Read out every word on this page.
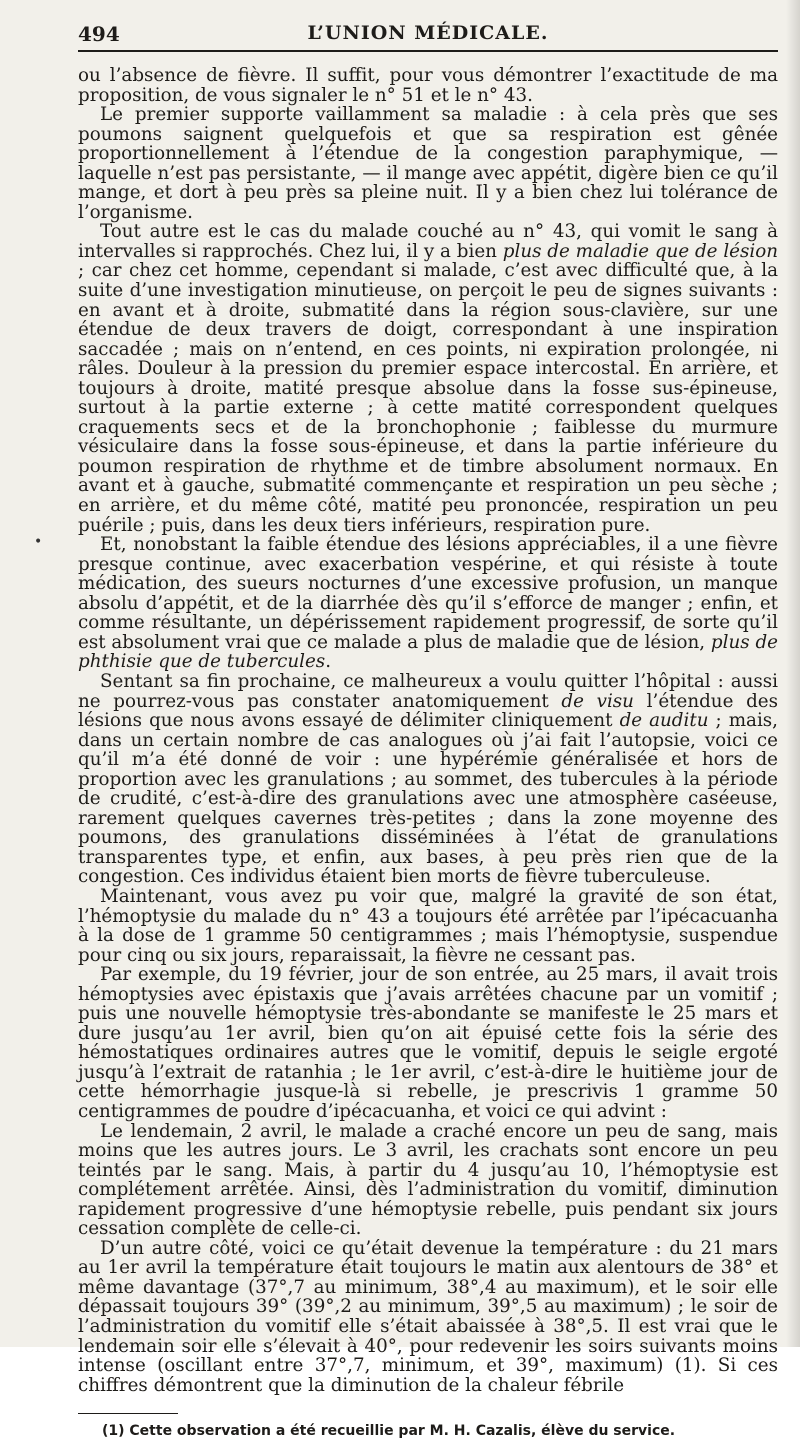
494	L’UNION MÉDICALE.

ou l’absence de fièvre. Il suffit, pour vous démontrer l’exactitude de ma proposition, de vous signaler le n° 51 et le n° 43.

Le premier supporte vaillamment sa maladie : à cela près que ses poumons saignent quelquefois et que sa respiration est gênée proportionnellement à l’étendue de la congestion paraphymique, — laquelle n’est pas persistante, — il mange avec appétit, digère bien ce qu’il mange, et dort à peu près sa pleine nuit. Il y a bien chez lui tolérance de l’organisme.

Tout autre est le cas du malade couché au n° 43, qui vomit le sang à intervalles si rapprochés. Chez lui, il y a bien plus de maladie que de lésion ; car chez cet homme, cependant si malade, c’est avec difficulté que, à la suite d’une investigation minutieuse, on perçoit le peu de signes suivants : en avant et à droite, submatité dans la région sous-clavière, sur une étendue de deux travers de doigt, correspondant à une inspiration saccadée ; mais on n’entend, en ces points, ni expiration prolongée, ni râles. Douleur à la pression du premier espace intercostal. En arrière, et toujours à droite, matité presque absolue dans la fosse sus-épineuse, surtout à la partie externe ; à cette matité correspondent quelques craquements secs et de la bronchophonie ; faiblesse du murmure vésiculaire dans la fosse sous-épineuse, et dans la partie inférieure du poumon respiration de rhythme et de timbre absolument normaux. En avant et à gauche, submatité commençante et respiration un peu sèche ; en arrière, et du même côté, matité peu prononcée, respiration un peu puérile ; puis, dans les deux tiers inférieurs, respiration pure.

Et, nonobstant la faible étendue des lésions appréciables, il a une fièvre presque continue, avec exacerbation vespérine, et qui résiste à toute médication, des sueurs nocturnes d’une excessive profusion, un manque absolu d’appétit, et de la diarrhée dès qu’il s’efforce de manger ; enfin, et comme résultante, un dépérissement rapidement progressif, de sorte qu’il est absolument vrai que ce malade a plus de maladie que de lésion, plus de phthisie que de tubercules.

Sentant sa fin prochaine, ce malheureux a voulu quitter l’hôpital : aussi ne pourrez-vous pas constater anatomiquement de visu l’étendue des lésions que nous avons essayé de délimiter cliniquement de auditu ; mais, dans un certain nombre de cas analogues où j’ai fait l’autopsie, voici ce qu’il m’a été donné de voir : une hypérémie généralisée et hors de proportion avec les granulations ; au sommet, des tubercules à la période de crudité, c’est-à-dire des granulations avec une atmosphère caséeuse, rarement quelques cavernes très-petites ; dans la zone moyenne des poumons, des granulations disséminées à l’état de granulations transparentes type, et enfin, aux bases, à peu près rien que de la congestion. Ces individus étaient bien morts de fièvre tuberculeuse.

Maintenant, vous avez pu voir que, malgré la gravité de son état, l’hémoptysie du malade du n° 43 a toujours été arrêtée par l’ipécacuanha à la dose de 1 gramme 50 centigrammes ; mais l’hémoptysie, suspendue pour cinq ou six jours, reparaissait, la fièvre ne cessant pas.

Par exemple, du 19 février, jour de son entrée, au 25 mars, il avait trois hémoptysies avec épistaxis que j’avais arrêtées chacune par un vomitif ; puis une nouvelle hémoptysie très-abondante se manifeste le 25 mars et dure jusqu’au 1er avril, bien qu’on ait épuisé cette fois la série des hémostatiques ordinaires autres que le vomitif, depuis le seigle ergoté jusqu’à l’extrait de ratanhia ; le 1er avril, c’est-à-dire le huitième jour de cette hémorrhagie jusque-là si rebelle, je prescrivis 1 gramme 50 centigrammes de poudre d’ipécacuanha, et voici ce qui advint :

Le lendemain, 2 avril, le malade a craché encore un peu de sang, mais moins que les autres jours. Le 3 avril, les crachats sont encore un peu teintés par le sang. Mais, à partir du 4 jusqu’au 10, l’hémoptysie est complétement arrêtée. Ainsi, dès l’administration du vomitif, diminution rapidement progressive d’une hémoptysie rebelle, puis pendant six jours cessation complète de celle-ci.

D’un autre côté, voici ce qu’était devenue la température : du 21 mars au 1er avril la température était toujours le matin aux alentours de 38° et même davantage (37°,7 au minimum, 38°,4 au maximum), et le soir elle dépassait toujours 39° (39°,2 au minimum, 39°,5 au maximum) ; le soir de l’administration du vomitif elle s’était abaissée à 38°,5. Il est vrai que le lendemain soir elle s’élevait à 40°, pour redevenir les soirs suivants moins intense (oscillant entre 37°,7, minimum, et 39°, maximum) (1). Si ces chiffres démontrent que la diminution de la chaleur fébrile

(1) Cette observation a été recueillie par M. H. Cazalis, élève du service.
•
